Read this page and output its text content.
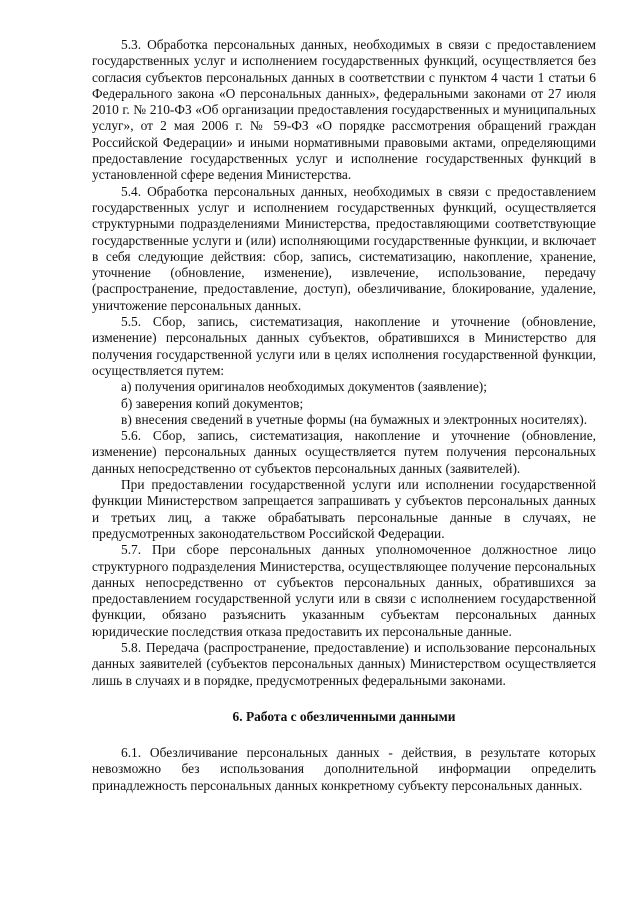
5.3. Обработка персональных данных, необходимых в связи с предоставлением государственных услуг и исполнением государственных функций, осуществляется без согласия субъектов персональных данных в соответствии с пунктом 4 части 1 статьи 6 Федерального закона «О персональных данных», федеральными законами от 27 июля 2010 г. № 210-ФЗ «Об организации предоставления государственных и муниципальных услуг», от 2 мая 2006 г. № 59-ФЗ «О порядке рассмотрения обращений граждан Российской Федерации» и иными нормативными правовыми актами, определяющими предоставление государственных услуг и исполнение государственных функций в установленной сфере ведения Министерства.

5.4. Обработка персональных данных, необходимых в связи с предоставлением государственных услуг и исполнением государственных функций, осуществляется структурными подразделениями Министерства, предоставляющими соответствующие государственные услуги и (или) исполняющими государственные функции, и включает в себя следующие действия: сбор, запись, систематизацию, накопление, хранение, уточнение (обновление, изменение), извлечение, использование, передачу (распространение, предоставление, доступ), обезличивание, блокирование, удаление, уничтожение персональных данных.

5.5. Сбор, запись, систематизация, накопление и уточнение (обновление, изменение) персональных данных субъектов, обратившихся в Министерство для получения государственной услуги или в целях исполнения государственной функции, осуществляется путем:

а) получения оригиналов необходимых документов (заявление);

б) заверения копий документов;

в) внесения сведений в учетные формы (на бумажных и электронных носителях).

5.6. Сбор, запись, систематизация, накопление и уточнение (обновление, изменение) персональных данных осуществляется путем получения персональных данных непосредственно от субъектов персональных данных (заявителей).

При предоставлении государственной услуги или исполнении государственной функции Министерством запрещается запрашивать у субъектов персональных данных и третьих лиц, а также обрабатывать персональные данные в случаях, не предусмотренных законодательством Российской Федерации.

5.7. При сборе персональных данных уполномоченное должностное лицо структурного подразделения Министерства, осуществляющее получение персональных данных непосредственно от субъектов персональных данных, обратившихся за предоставлением государственной услуги или в связи с исполнением государственной функции, обязано разъяснить указанным субъектам персональных данных юридические последствия отказа предоставить их персональные данные.

5.8. Передача (распространение, предоставление) и использование персональных данных заявителей (субъектов персональных данных) Министерством осуществляется лишь в случаях и в порядке, предусмотренных федеральными законами.

6. Работа с обезличенными данными

6.1. Обезличивание персональных данных - действия, в результате которых невозможно без использования дополнительной информации определить принадлежность персональных данных конкретному субъекту персональных данных.
